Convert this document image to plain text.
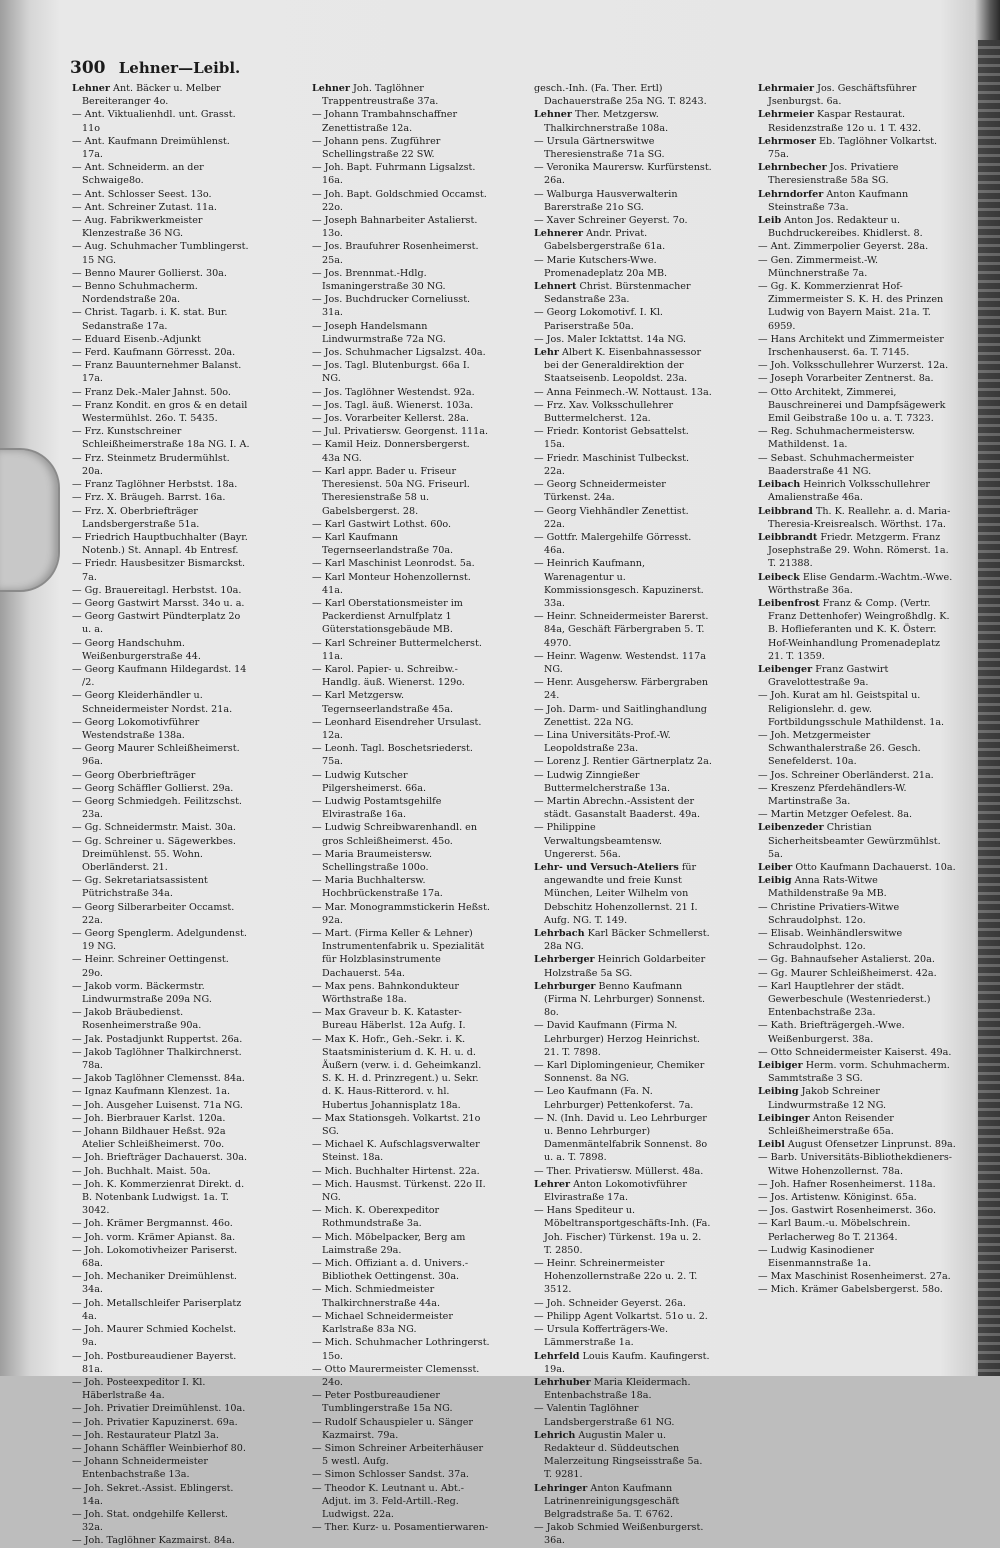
300 Lehner—Leibl.

Lehner Ant. Bäcker u. Melber Bereiteranger 4o.

— Ant. Viktualienhdl. unt. Grasst. 11o

— Ant. Kaufmann Dreimühlenst. 17a.

— Ant. Schneiderm. an der Schwaige8o.

— Ant. Schlosser Seest. 13o.

— Ant. Schreiner Zutast. 11a.

— Aug. Fabrikwerkmeister Klenzestraße 36 NG.

— Aug. Schuhmacher Tumblingerst. 15 NG.

— Benno Maurer Gollierst. 30a.

— Benno Schuhmacherm. Nordendstraße 20a.

— Christ. Tagarb. i. K. stat. Bur. Sedanstraße 17a.

— Eduard Eisenb.-Adjunkt

— Ferd. Kaufmann Görresst. 20a.

— Franz Bauunternehmer Balanst. 17a.

— Franz Dek.-Maler Jahnst. 50o.

— Franz Kondit. en gros & en detail Westermühlst. 26o. T. 5435.

— Frz. Kunstschreiner Schleißheimerstraße 18a NG. I. A.

— Frz. Steinmetz Brudermühlst. 20a.

— Franz Taglöhner Herbstst. 18a.

— Frz. X. Bräugeh. Barrst. 16a.

— Frz. X. Oberbriefträger Landsbergerstraße 51a.

— Friedrich Hauptbuchhalter (Bayr. Notenb.) St. Annapl. 4b Entresf.

— Friedr. Hausbesitzer Bismarckst. 7a.

— Gg. Brauereitagl. Herbstst. 10a.

— Georg Gastwirt Marsst. 34o u. a.

— Georg Gastwirt Pündterplatz 2o u. a.

— Georg Handschuhm. Weißenburgerstraße 44.

— Georg Kaufmann Hildegardst. 14 /2.

— Georg Kleiderhändler u. Schneidermeister Nordst. 21a.

— Georg Lokomotivführer Westendstraße 138a.

— Georg Maurer Schleißheimerst. 96a.

— Georg Oberbriefträger

— Georg Schäffler Gollierst. 29a.

— Georg Schmiedgeh. Feilitzschst. 23a.

— Gg. Schneidermstr. Maist. 30a.

— Gg. Schreiner u. Sägewerkbes. Dreimühlenst. 55. Wohn. Oberländerst. 21.

— Gg. Sekretariatsassistent Pütrichstraße 34a.

— Georg Silberarbeiter Occamst. 22a.

— Georg Spenglerm. Adelgundenst. 19 NG.

— Heinr. Schreiner Oettingenst. 29o.

— Jakob vorm. Bäckermstr. Lindwurmstraße 209a NG.

— Jakob Bräubedienst. Rosenheimerstraße 90a.

— Jak. Postadjunkt Ruppertst. 26a.

— Jakob Taglöhner Thalkirchnerst. 78a.

— Jakob Taglöhner Clemensst. 84a.

— Ignaz Kaufmann Klenzest. 1a.

— Joh. Ausgeher Luisenst. 71a NG.

— Joh. Bierbrauer Karlst. 120a.

— Johann Bildhauer Heßst. 92a Atelier Schleißheimerst. 70o.

— Joh. Briefträger Dachauerst. 30a.

— Joh. Buchhalt. Maist. 50a.

— Joh. K. Kommerzienrat Direkt. d. B. Notenbank Ludwigst. 1a. T. 3042.

— Joh. Krämer Bergmannst. 46o.

— Joh. vorm. Krämer Apianst. 8a.

— Joh. Lokomotivheizer Pariserst. 68a.

— Joh. Mechaniker Dreimühlenst. 34a.

— Joh. Metallschleifer Pariserplatz 4a.

— Joh. Maurer Schmied Kochelst. 9a.

— Joh. Postbureaudiener Bayerst. 81a.

— Joh. Posteexpeditor I. Kl. Häberlstraße 4a.

— Joh. Privatier Dreimühlenst. 10a.

— Joh. Privatier Kapuzinerst. 69a.

— Joh. Restaurateur Platzl 3a.

— Johann Schäffler Weinbierhof 80.

— Johann Schneidermeister Entenbachstraße 13a.

— Joh. Sekret.-Assist. Eblingerst. 14a.

— Joh. Stat. ondgehilfe Kellerst. 32a.

— Joh. Taglöhner Kazmairst. 84a.

Lehner Joh. Taglöhner Trappentreustraße 37a.

— Johann Trambahnschaffner Zenettistraße 12a.

— Johann pens. Zugführer Schellingstraße 22 SW.

— Joh. Bapt. Fuhrmann Ligsalzst. 16a.

— Joh. Bapt. Goldschmied Occamst. 22o.

— Joseph Bahnarbeiter Astalierst. 13o.

— Jos. Braufuhrer Rosenheimerst. 25a.

— Jos. Brennmat.-Hdlg. Ismaningerstraße 30 NG.

— Jos. Buchdrucker Corneliusst. 31a.

— Joseph Handelsmann Lindwurmstraße 72a NG.

— Jos. Schuhmacher Ligsalzst. 40a.

— Jos. Tagl. Blutenburgst. 66a I. NG.

— Jos. Taglöhner Westendst. 92a.

— Jos. Tagl. äuß. Wienerst. 103a.

— Jos. Vorarbeiter Kellerst. 28a.

— Jul. Privatiersw. Georgenst. 111a.

— Kamil Heiz. Donnersbergerst. 43a NG.

— Karl appr. Bader u. Friseur Theresienst. 50a NG. Friseurl. Theresienstraße 58 u. Gabelsbergerst. 28.

— Karl Gastwirt Lothst. 60o.

— Karl Kaufmann Tegernseerlandstraße 70a.

— Karl Maschinist Leonrodst. 5a.

— Karl Monteur Hohenzollernst. 41a.

— Karl Oberstationsmeister im Packerdienst Arnulfplatz 1 Güterstationsgebäude MB.

— Karl Schreiner Buttermelcherst. 11a.

— Karol. Papier- u. Schreibw.-Handlg. äuß. Wienerst. 129o.

— Karl Metzgersw. Tegernseerlandstraße 45a.

— Leonhard Eisendreher Ursulast. 12a.

— Leonh. Tagl. Boschetsriederst. 75a.

— Ludwig Kutscher Pilgersheimerst. 66a.

— Ludwig Postamtsgehilfe Elvirastraße 16a.

— Ludwig Schreibwarenhandl. en gros Schleißheimerst. 45o.

— Maria Braumeistersw. Schellingstraße 100o.

— Maria Buchhaltersw. Hochbrückenstraße 17a.

— Mar. Monogrammstickerin Heßst. 92a.

— Mart. (Firma Keller & Lehner) Instrumentenfabrik u. Spezialität für Holzblasinstrumente Dachauerst. 54a.

— Max pens. Bahnkondukteur Wörthstraße 18a.

— Max Graveur b. K. Kataster-Bureau Häberlst. 12a Aufg. I.

— Max K. Hofr., Geh.-Sekr. i. K. Staatsministerium d. K. H. u. d. Äußern (verw. i. d. Geheimkanzl. S. K. H. d. Prinzregent.) u. Sekr. d. K. Haus-Ritterord. v. hl. Hubertus Johannisplatz 18a.

— Max Stationsgeh. Volkartst. 21o SG.

— Michael K. Aufschlagsverwalter Steinst. 18a.

— Mich. Buchhalter Hirtenst. 22a.

— Mich. Hausmst. Türkenst. 22o II. NG.

— Mich. K. Oberexpeditor Rothmundstraße 3a.

— Mich. Möbelpacker, Berg am Laimstraße 29a.

— Mich. Offiziant a. d. Univers.-Bibliothek Oettingenst. 30a.

— Mich. Schmiedmeister Thalkirchnerstraße 44a.

— Michael Schneidermeister Karlstraße 83a NG.

— Mich. Schuhmacher Lothringerst. 15o.

— Otto Maurermeister Clemensst. 24o.

— Peter Postbureaudiener Tumblingerstraße 15a NG.

— Rudolf Schauspieler u. Sänger Kazmairst. 79a.

— Simon Schreiner Arbeiterhäuser 5 westl. Aufg.

— Simon Schlosser Sandst. 37a.

— Theodor K. Leutnant u. Abt.-Adjut. im 3. Feld-Artill.-Reg. Ludwigst. 22a.

— Ther. Kurz- u. Posamentierwaren-

gesch.-Inh. (Fa. Ther. Ertl) Dachauerstraße 25a NG. T. 8243.

Lehner Ther. Metzgersw. Thalkirchnerstraße 108a.

— Ursula Gärtnerswitwe Theresienstraße 71a SG.

— Veronika Maurersw. Kurfürstenst. 26a.

— Walburga Hausverwalterin Barerstraße 21o SG.

— Xaver Schreiner Geyerst. 7o.

Lehnerer Andr. Privat. Gabelsbergerstraße 61a.

— Marie Kutschers-Wwe. Promenadeplatz 20a MB.

Lehnert Christ. Bürstenmacher Sedanstraße 23a.

— Georg Lokomotivf. I. Kl. Pariserstraße 50a.

— Jos. Maler Icktattst. 14a NG.

Lehr Albert K. Eisenbahnassessor bei der Generaldirektion der Staatseisenb. Leopoldst. 23a.

— Anna Feinmech.-W. Nottaust. 13a.

— Frz. Xav. Volksschullehrer Buttermelcherst. 12a.

— Friedr. Kontorist Gebsattelst. 15a.

— Friedr. Maschinist Tulbeckst. 22a.

— Georg Schneidermeister Türkenst. 24a.

— Georg Viehhändler Zenettist. 22a.

— Gottfr. Malergehilfe Görresst. 46a.

— Heinrich Kaufmann, Warenagentur u. Kommissionsgesch. Kapuzinerst. 33a.

— Heinr. Schneidermeister Barerst. 84a, Geschäft Färbergraben 5. T. 4970.

— Heinr. Wagenw. Westendst. 117a NG.

— Henr. Ausgehersw. Färbergraben 24.

— Joh. Darm- und Saitlinghandlung Zenettist. 22a NG.

— Lina Universitäts-Prof.-W. Leopoldstraße 23a.

— Lorenz J. Rentier Gärtnerplatz 2a.

— Ludwig Zinngießer Buttermelcherstraße 13a.

— Martin Abrechn.-Assistent der städt. Gasanstalt Baaderst. 49a.

— Philippine Verwaltungsbeamtensw. Ungererst. 56a.

Lehr- und Versuch-Ateliers für angewandte und freie Kunst München, Leiter Wilhelm von Debschitz Hohenzollernst. 21 I. Aufg. NG. T. 149.

Lehrbach Karl Bäcker Schmellerst. 28a NG.

Lehrberger Heinrich Goldarbeiter Holzstraße 5a SG.

Lehrburger Benno Kaufmann (Firma N. Lehrburger) Sonnenst. 8o.

— David Kaufmann (Firma N. Lehrburger) Herzog Heinrichst. 21. T. 7898.

— Karl Diplomingenieur, Chemiker Sonnenst. 8a NG.

— Leo Kaufmann (Fa. N. Lehrburger) Pettenkoferst. 7a.

— N. (Inh. David u. Leo Lehrburger u. Benno Lehrburger) Damenmäntelfabrik Sonnenst. 8o u. a. T. 7898.

— Ther. Privatiersw. Müllerst. 48a.

Lehrer Anton Lokomotivführer Elvirastraße 17a.

— Hans Spediteur u. Möbeltransportgeschäfts-Inh. (Fa. Joh. Fischer) Türkenst. 19a u. 2. T. 2850.

— Heinr. Schreinermeister Hohenzollernstraße 22o u. 2. T. 3512.

— Joh. Schneider Geyerst. 26a.

— Philipp Agent Volkartst. 51o u. 2.

— Ursula Kofferträgers-We. Lämmerstraße 1a.

Lehrfeld Louis Kaufm. Kaufingerst. 19a.

Lehrhuber Maria Kleidermach. Entenbachstraße 18a.

— Valentin Taglöhner Landsbergerstraße 61 NG.

Lehrich Augustin Maler u. Redakteur d. Süddeutschen Malerzeitung Ringseisstraße 5a. T. 9281.

Lehringer Anton Kaufmann Latrinenreinigungsgeschäft Belgradstraße 5a. T. 6762.

— Jakob Schmied Weißenburgerst. 36a.

Lehrmaier Jos. Geschäftsführer Jsenburgst. 6a.

Lehrmeier Kaspar Restaurat. Residenzstraße 12o u. 1 T. 432.

Lehrmoser Eb. Taglöhner Volkartst. 75a.

Lehrnbecher Jos. Privatiere Theresienstraße 58a SG.

Lehrndorfer Anton Kaufmann Steinstraße 73a.

Leib Anton Jos. Redakteur u. Buchdruckereibes. Khidlerst. 8.

— Ant. Zimmerpolier Geyerst. 28a.

— Gen. Zimmermeist.-W. Münchnerstraße 7a.

— Gg. K. Kommerzienrat Hof-Zimmermeister S. K. H. des Prinzen Ludwig von Bayern Maist. 21a. T. 6959.

— Hans Architekt und Zimmermeister Irschenhauserst. 6a. T. 7145.

— Joh. Volksschullehrer Wurzerst. 12a.

— Joseph Vorarbeiter Zentnerst. 8a.

— Otto Architekt, Zimmerei, Bauschreinerei und Dampfsägewerk Emil Geibstraße 10o u. a. T. 7323.

— Reg. Schuhmachermeistersw. Mathildenst. 1a.

— Sebast. Schuhmachermeister Baaderstraße 41 NG.

Leibach Heinrich Volksschullehrer Amalienstraße 46a.

Leibbrand Th. K. Reallehr. a. d. Maria-Theresia-Kreisrealsch. Wörthst. 17a.

Leibbrandt Friedr. Metzgerm. Franz Josephstraße 29. Wohn. Römerst. 1a. T. 21388.

Leibeck Elise Gendarm.-Wachtm.-Wwe. Wörthstraße 36a.

Leibenfrost Franz & Comp. (Vertr. Franz Dettenhofer) Weingroßhdlg. K. B. Hoflieferanten und K. K. Österr. Hof-Weinhandlung Promenadeplatz 21. T. 1359.

Leibenger Franz Gastwirt Gravelottestraße 9a.

— Joh. Kurat am hl. Geistspital u. Religionslehr. d. gew. Fortbildungsschule Mathildenst. 1a.

— Joh. Metzgermeister Schwanthalerstraße 26. Gesch. Senefelderst. 10a.

— Jos. Schreiner Oberländerst. 21a.

— Kreszenz Pferdehändlers-W. Martinstraße 3a.

— Martin Metzger Oefelest. 8a.

Leibenzeder Christian Sicherheitsbeamter Gewürzmühlst. 5a.

Leiber Otto Kaufmann Dachauerst. 10a.

Leibig Anna Rats-Witwe Mathildenstraße 9a MB.

— Christine Privatiers-Witwe Schraudolphst. 12o.

— Elisab. Weinhändlerswitwe Schraudolphst. 12o.

— Gg. Bahnaufseher Astalierst. 20a.

— Gg. Maurer Schleißheimerst. 42a.

— Karl Hauptlehrer der städt. Gewerbeschule (Westenriederst.) Entenbachstraße 23a.

— Kath. Briefträgergeh.-Wwe. Weißenburgerst. 38a.

— Otto Schneidermeister Kaiserst. 49a.

Leibiger Herm. vorm. Schuhmacherm. Sammtstraße 3 SG.

Leibing Jakob Schreiner Lindwurmstraße 12 NG.

Leibinger Anton Reisender Schleißheimerstraße 65a.

Leibl August Ofensetzer Linprunst. 89a.

— Barb. Universitäts-Bibliothekdieners-Witwe Hohenzollernst. 78a.

— Joh. Hafner Rosenheimerst. 118a.

— Jos. Artistenw. Königinst. 65a.

— Jos. Gastwirt Rosenheimerst. 36o.

— Karl Baum.-u. Möbelschrein. Perlacherweg 8o T. 21364.

— Ludwig Kasinodiener Eisenmannstraße 1a.

— Max Maschinist Rosenheimerst. 27a.

— Mich. Krämer Gabelsbergerst. 58o.
